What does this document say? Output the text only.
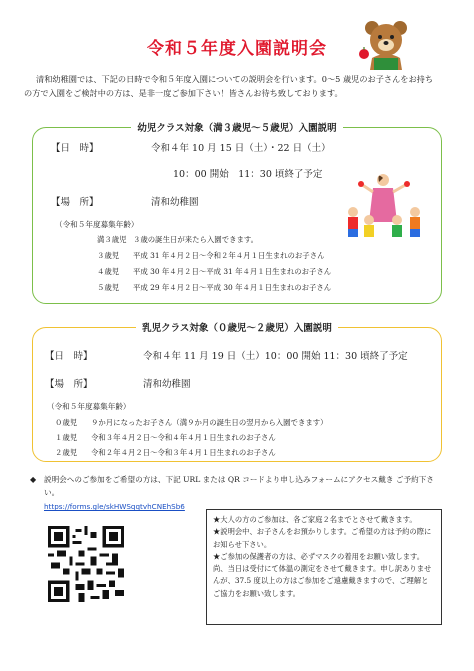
令和５年度入園説明会
清和幼稚園では、下記の日時で令和５年度入園についての説明会を行います。0〜5 歳児のお子さんをお持ち
の方で入園をご検討中の方は、是非一度ご参加下さい！皆さんお待ち致しております。
幼児クラス対象（満３歳児〜５歳児）入園説明
【日　時】	令和４年 10 月 15 日（土）・22 日（土）
10：00 開始　11：30 頃終了予定
【場　所】	清和幼稚園
（令和５年度募集年齢）
満３歳児 ３歳の誕生日が来たら入園できます。
３歳児 平成 31 年４月２日〜令和２年４月１日生まれのお子さん
４歳児 平成 30 年４月２日〜平成 31 年４月１日生まれのお子さん
５歳児 平成 29 年４月２日〜平成 30 年４月１日生まれのお子さん
乳児クラス対象（０歳児〜２歳児）入園説明
【日　時】	令和４年 11 月 19 日（土）10：00 開始 11：30 頃終了予定
【場　所】	清和幼稚園
（令和５年度募集年齢）
０歳児 ９か月になったお子さん（満９か月の誕生日の翌月から入園できます）
１歳児 令和３年４月２日〜令和４年４月１日生まれのお子さん
２歳児 令和２年４月２日〜令和３年４月１日生まれのお子さん
◆ 説明会へのご参加をご希望の方は、下記 URL または QR コードより申し込みフォームにアクセス戴き ご予約下さい。
https://forms.gle/skHWSqqtvhCNEhSb6

★大人の方のご参加は、各ご家庭２名までとさせて戴きます。

★説明会中、お子さんをお預かりします。ご希望の方は予約の際にお知らせ下さい。

★ご参加の保護者の方は、必ずマスクの着用をお願い致します。尚、当日は受付にて体温の測定をさせて戴きます。申し訳ありませんが、37.5 度以上の方はご参加をご遠慮戴きますので、ご理解とご協力をお願い致します。
